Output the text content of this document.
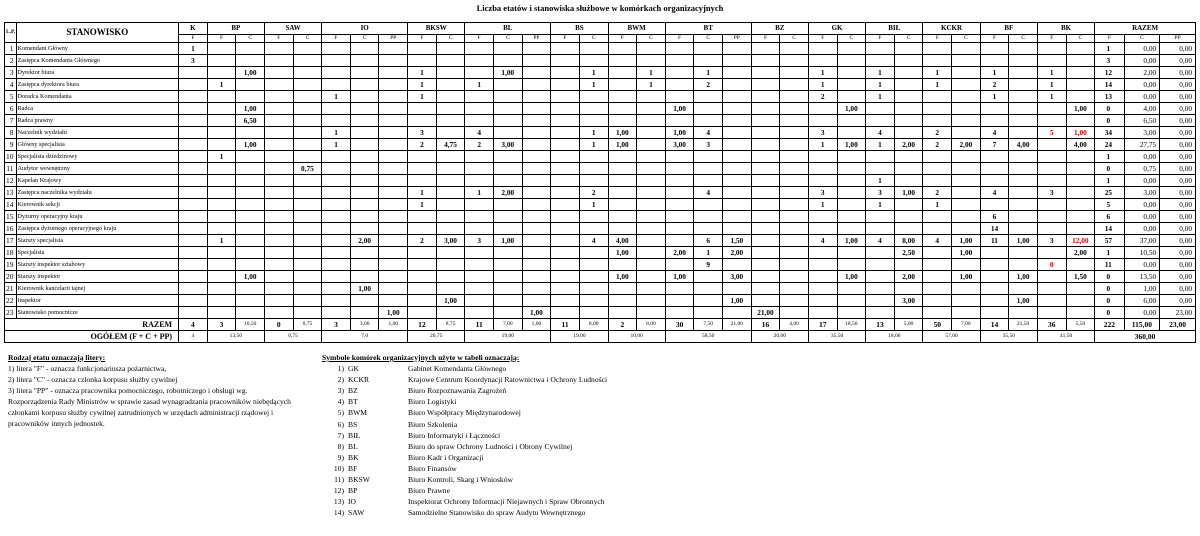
Liczba etatów i stanowiska służbowe w komórkach organizacyjnych
L.P.	STANOWISKO	K	BP		SAW		IO			BKSW		BL			BS		BWM		BT			BZ		GK		BIŁ		KCKR		BF		BK		RAZEM		
		F	F	C	F	C	F	C	PP	F	C	F	C	PP	F	C	F	C	F	C	PP	F	C	F	C	F	C	F	C	F	C	F	C	F	C	PP
1	Komendant Główny	1																																1	0,00	0,00
2	Zastępca Komendanta Głównego	3																																3	0,00	0,00
3	Dyrektor biura			1,00						1			1,00			1		1		1				1		1		1		1		1		12	2,00	0,00
4	Zastępca dyrektora biura		1							1		1				1		1		2				1		1		1		2		1		14	0,00	0,00
5	Doradca Komendanta						1			1														2		1				1		1		13	0,00	0,00
6	Radca			1,00															1,00						1,00								1,00	0	4,00	0,00
7	Radca prawny			6,50																														0	6,50	0,00
8	Naczelnik wydziału						1			3		4				1	1,00		1,00	4				3		4		2		4		5	1,00	34	3,00	0,00
9	Główny specjalista			1,00			1			2	4,75	2	3,00			1	1,00		3,00	3				1	1,00	1	2,00	2	2,00	7	4,00		4,00	24	27,75	0,00
10	Specjalista dziedzinowy		1																															1	0,00	0,00
11	Audytor wewnętrzny					0,75																												0	0,75	0,00
12	Kapelan Krajowy																									1								1	0,00	0,00
13	Zastępca naczelnika wydziału									1		1	2,00			2				4				3		3	1,00	2		4		3		25	3,00	0,00
14	Kierownik sekcji									1						1								1		1		1						5	0,00	0,00
15	Dyżurny operacyjny kraju																													6				6	0,00	0,00
16	Zastępca dyżurnego operacyjnego kraju																													14				14	0,00	0,00
17	Starszy specjalista		1					2,00		2	3,00	3	1,00			4	4,00			6	1,50			4	1,00	4	8,00	4	1,00	11	1,00	3	12,00	57	37,00	0,00
18	Specjalista																1,00		2,00	1	2,00						2,50		1,00				2,00	1	10,50	0,00
19	Starszy inspektor sztabowy																			9												0		11	0,00	0,00
20	Starszy inspektor			1,00													1,00		1,00		3,00				1,00		2,00		1,00		1,00		1,50	0	13,50	0,00
21	Kierownik kancelarii tajnej							1,00																										0	1,00	0,00
22	Inspektor										1,00										1,00						3,00				1,00			0	6,00	0,00
23	Stanowisko pomocnicze								1,00					1,00								21,00												0	0,00	23,00
RAZEM		4	3	10,50	0	0,75	3	3,00	1,00	12	8,75	11	7,00	1,00	11	8,00	2	8,00	30	7,50	21,00	16	4,00	17	18,50	13	5,00	50	7,00	14	21,50	36	5,50	222	115,00	23,00
OGÓŁEM (F + C + PP)		4	13,50		0,75		7,0			20,75		19,00			19,00		10,00		58,50			20,00		35,50		18,00		57,00		35,50		41,50		360,00		
Rodzaj etatu oznaczają litery:
1) litera "F" - oznacza funkcjonariusza pożarnictwa,
2) litera "C" - oznacza członka korpusu służby cywilnej
3) litera "PP" - oznacza pracownika pomocniczego, robotniczego i obsługi wg.
Rozporządzenia Rady Ministrów w sprawie zasad wynagradzania pracowników niebędących członkami korpusu służby cywilnej zatrudnionych w urzędach administracji rządowej i pracowników innych jednostek.
Symbole komórek organizacyjnych użyte w tabeli oznaczają:
1) GK	Gabinet Komendanta Głównego
2) KCKR	Krajowe Centrum Koordynacji Ratownictwa i Ochrony Ludności
3) BZ	Biuro Rozpoznawania Zagrożeń
4) BT	Biuro Logistyki
5) BWM	Biuro Współpracy Międzynarodowej
6) BS	Biuro Szkolenia
7) BIŁ	Biuro Informatyki i Łączności
8) BL	Biuro do spraw Ochrony Ludności i Obrony Cywilnej
9) BK	Biuro Kadr i Organizacji
10) BF	Biuro Finansów
11) BKSW	Biuro Kontroli, Skarg i Wniosków
12) BP	Biuro Prawne
13) IO	Inspektorat Ochrony Informacji Niejawnych i Spraw Obronnych
14) SAW	Samodzielne Stanowisko do spraw Audytu Wewnętrznego
